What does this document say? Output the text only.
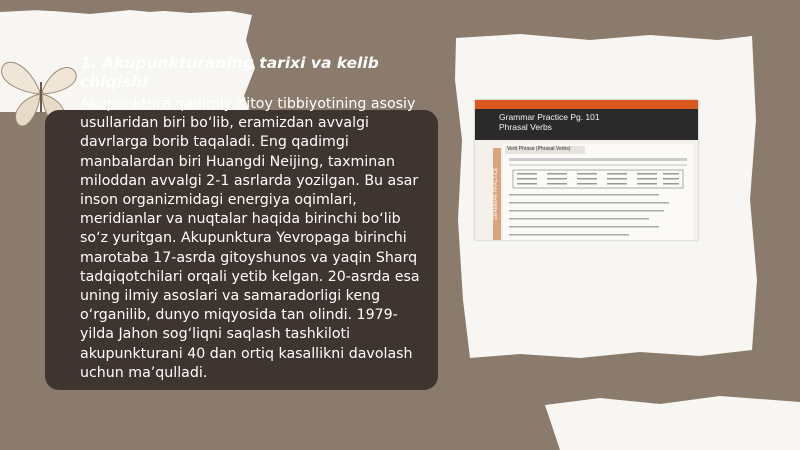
1. Akupunkturaning tarixi va kelib chiqishi

Akupunktura qadimiy Xitoy tibbiyotining asosiy usullaridan biri bo‘lib, eramizdan avvalgi davrlarga borib taqaladi. Eng qadimgi manbalardan biri Huangdi Neijing, taxminan miloddan avvalgi 2-1 asrlarda yozilgan. Bu asar inson organizmidagi energiya oqimlari, meridianlar va nuqtalar haqida birinchi bo‘lib so‘z yuritgan. Akupunktura Yevropaga birinchi marotaba 17-asrda gitoyshunos va yaqin Sharq tadqiqotchilari orqali yetib kelgan. 20-asrda esa uning ilmiy asoslari va samaradorligi keng o‘rganilib, dunyo miqyosida tan olindi. 1979-yilda Jahon sog‘liqni saqlash tashkiloti akupunkturani 40 dan ortiq kasallikni davolash uchun ma’qulladi.

Grammar Practice Pg. 101
Phrasal Verbs
GRAMMAR PRACTICE
Verb Phrase (Phrasal Verbs)
